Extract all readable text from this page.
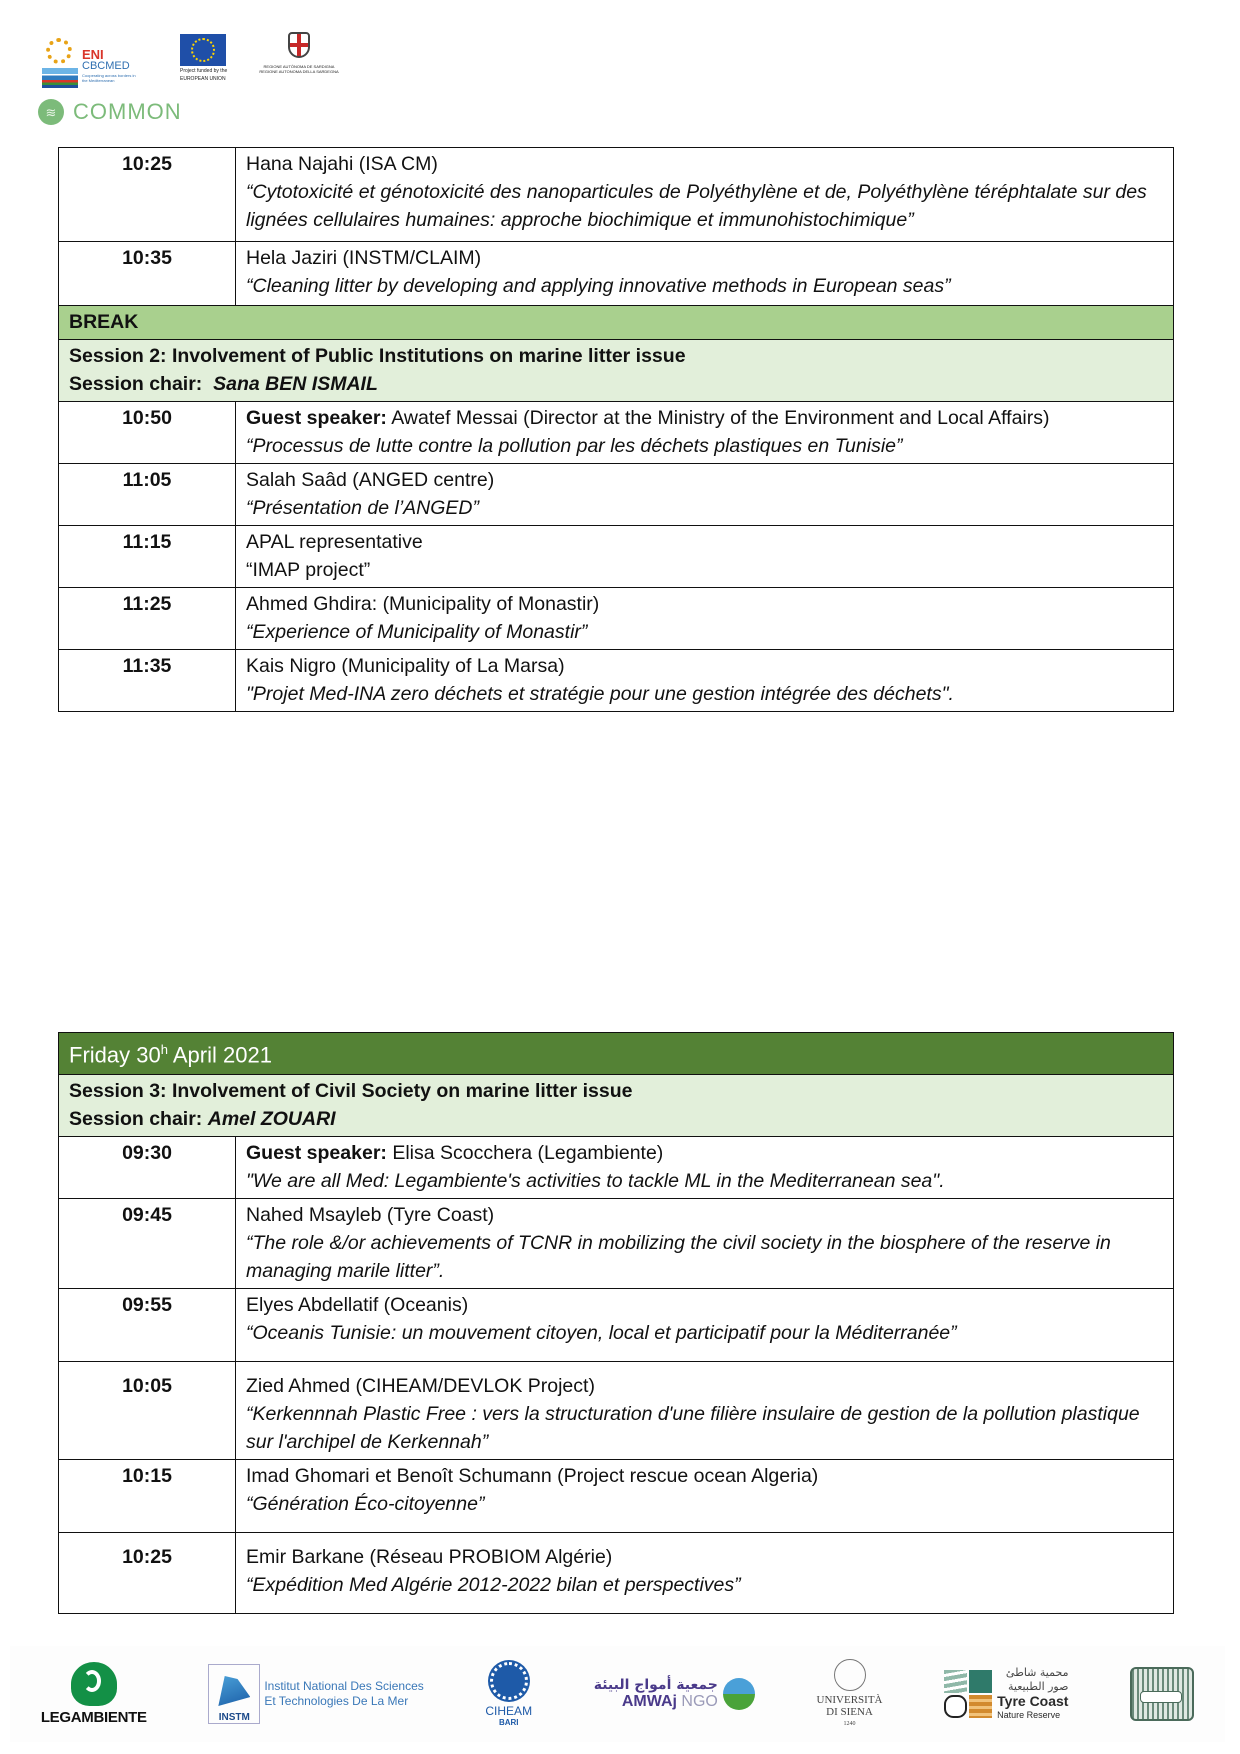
ENI
CBCMED
Cooperating across borders in the Mediterranean
Project funded by the
EUROPEAN UNION
REGIONE AUTÒNOMA DE SARDIGNA
REGIONE AUTONOMA DELLA SARDEGNA
≋ COMMON
10:25	Hana Najahi (ISA CM)
“Cytotoxicité et génotoxicité des nanoparticules de Polyéthylène et de, Polyéthylène téréphtalate sur des lignées cellulaires humaines: approche biochimique et immunohistochimique”

10:35	Hela Jaziri (INSTM/CLAIM)
“Cleaning litter by developing and applying innovative methods in European seas”

BREAK	

Session 2: Involvement of Public Institutions on marine litter issue
Session chair: Sana BEN ISMAIL	

10:50	Guest speaker: Awatef Messai (Director at the Ministry of the Environment and Local Affairs)
“Processus de lutte contre la pollution par les déchets plastiques en Tunisie”

11:05	Salah Saâd (ANGED centre)
“Présentation de l’ANGED”

11:15	APAL representative
“IMAP project”

11:25	Ahmed Ghdira: (Municipality of Monastir)
“Experience of Municipality of Monastir”

11:35	Kais Nigro (Municipality of La Marsa)
"Projet Med-INA zero déchets et stratégie pour une gestion intégrée des déchets".
Friday 30$^h$ April 2021	

Session 3: Involvement of Civil Society on marine litter issue
Session chair: Amel ZOUARI	

09:30	Guest speaker: Elisa Scocchera (Legambiente)
"We are all Med: Legambiente's activities to tackle ML in the Mediterranean sea".

09:45	Nahed Msayleb (Tyre Coast)
“The role &/or achievements of TCNR in mobilizing the civil society in the biosphere of the reserve in managing marile litter”.

09:55	Elyes Abdellatif (Oceanis)
“Oceanis Tunisie: un mouvement citoyen, local et participatif pour la Méditerranée”

10:05	Zied Ahmed (CIHEAM/DEVLOK Project)
“Kerkennnah Plastic Free : vers la structuration d'une filière insulaire de gestion de la pollution plastique sur l'archipel de Kerkennah”

10:15	Imad Ghomari et Benoît Schumann (Project rescue ocean Algeria)
“Génération Éco-citoyenne”

10:25	Emir Barkane (Réseau PROBIOM Algérie)
“Expédition Med Algérie 2012-2022 bilan et perspectives”
LEGAMBIENTE	INSTM
Institut National Des Sciences
Et Technologies De La Mer
CIHEAM
BARI
جمعية أمواج البيئة
AMWAj NGO	UNIVERSITÀ
DI SIENA
1240
محمية شاطئ
صور الطبيعية
Tyre Coast
Nature Reserve
